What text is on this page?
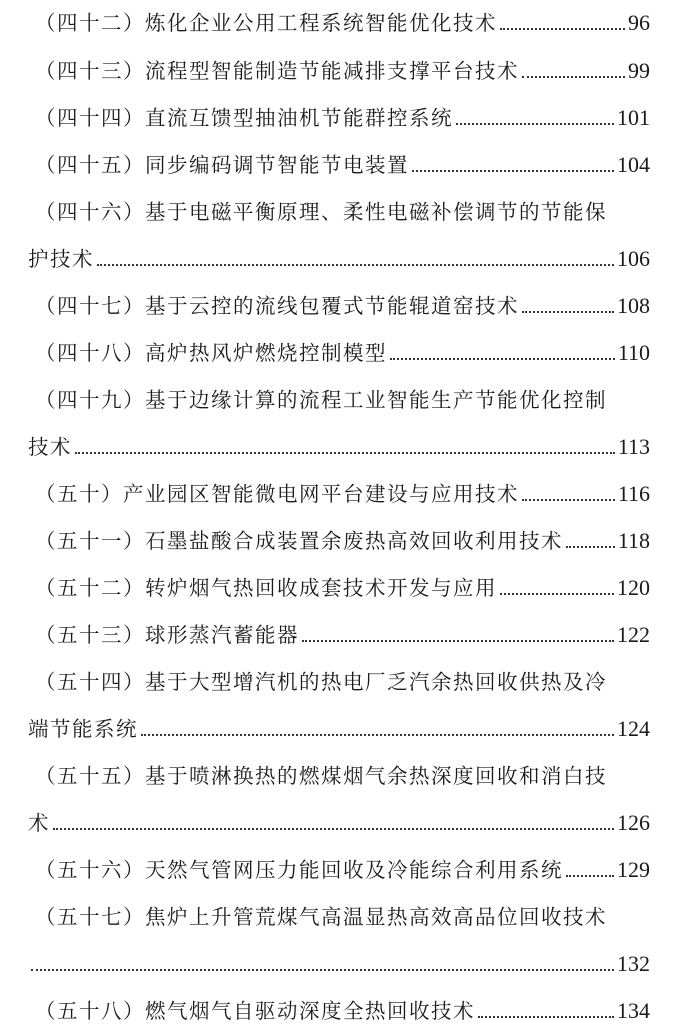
（四十二） 炼化企业公用工程系统智能优化技术	96
（四十三） 流程型智能制造节能减排支撑平台技术	99
（四十四） 直流互馈型抽油机节能群控系统	101
（四十五） 同步编码调节智能节电装置	104
（四十六）基于电磁平衡原理、柔性电磁补偿调节的节能保
护技术	106
（四十七） 基于云控的流线包覆式节能辊道窑技术	108
（四十八） 高炉热风炉燃烧控制模型	110
（四十九）基于边缘计算的流程工业智能生产节能优化控制
技术	113
（五十） 产业园区智能微电网平台建设与应用技术	116
（五十一） 石墨盐酸合成装置余废热高效回收利用技术 118
（五十二） 转炉烟气热回收成套技术开发与应用	120
（五十三） 球形蒸汽蓄能器	122
（五十四）基于大型增汽机的热电厂乏汽余热回收供热及冷
端节能系统	124
（五十五）基于喷淋换热的燃煤烟气余热深度回收和消白技
术	126
（五十六） 天然气管网压力能回收及冷能综合利用系统 129
（五十七）焦炉上升管荒煤气高温显热高效高品位回收技术
132
（五十八） 燃气烟气自驱动深度全热回收技术	134
